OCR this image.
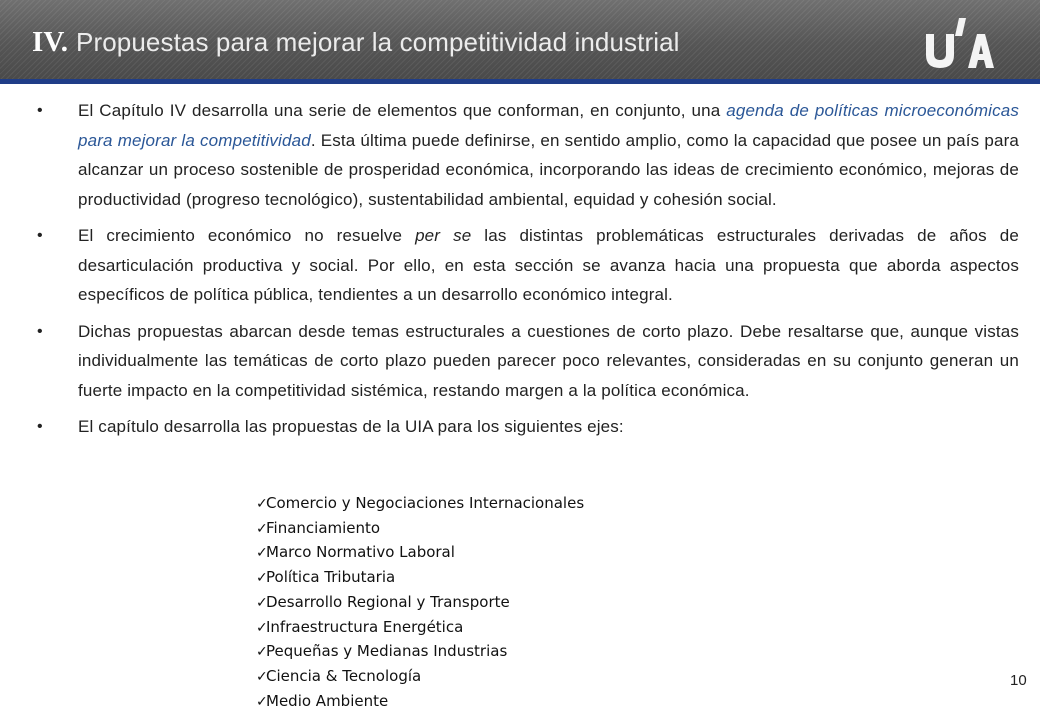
IV. Propuestas para mejorar la competitividad industrial

• El Capítulo IV desarrolla una serie de elementos que conforman, en conjunto, una agenda de políticas microeconómicas para mejorar la competitividad. Esta última puede definirse, en sentido amplio, como la capacidad que posee un país para alcanzar un proceso sostenible de prosperidad económica, incorporando las ideas de crecimiento económico, mejoras de productividad (progreso tecnológico), sustentabilidad ambiental, equidad y cohesión social.

• El crecimiento económico no resuelve per se las distintas problemáticas estructurales derivadas de años de desarticulación productiva y social. Por ello, en esta sección se avanza hacia una propuesta que aborda aspectos específicos de política pública, tendientes a un desarrollo económico integral.

• Dichas propuestas abarcan desde temas estructurales a cuestiones de corto plazo. Debe resaltarse que, aunque vistas individualmente las temáticas de corto plazo pueden parecer poco relevantes, consideradas en su conjunto generan un fuerte impacto en la competitividad sistémica, restando margen a la política económica.

• El capítulo desarrolla las propuestas de la UIA para los siguientes ejes:

✓Comercio y Negociaciones Internacionales
✓Financiamiento
✓Marco Normativo Laboral
✓Política Tributaria
✓Desarrollo Regional y Transporte
✓Infraestructura Energética
✓Pequeñas y Medianas Industrias
✓Ciencia & Tecnología
✓Medio Ambiente
10
